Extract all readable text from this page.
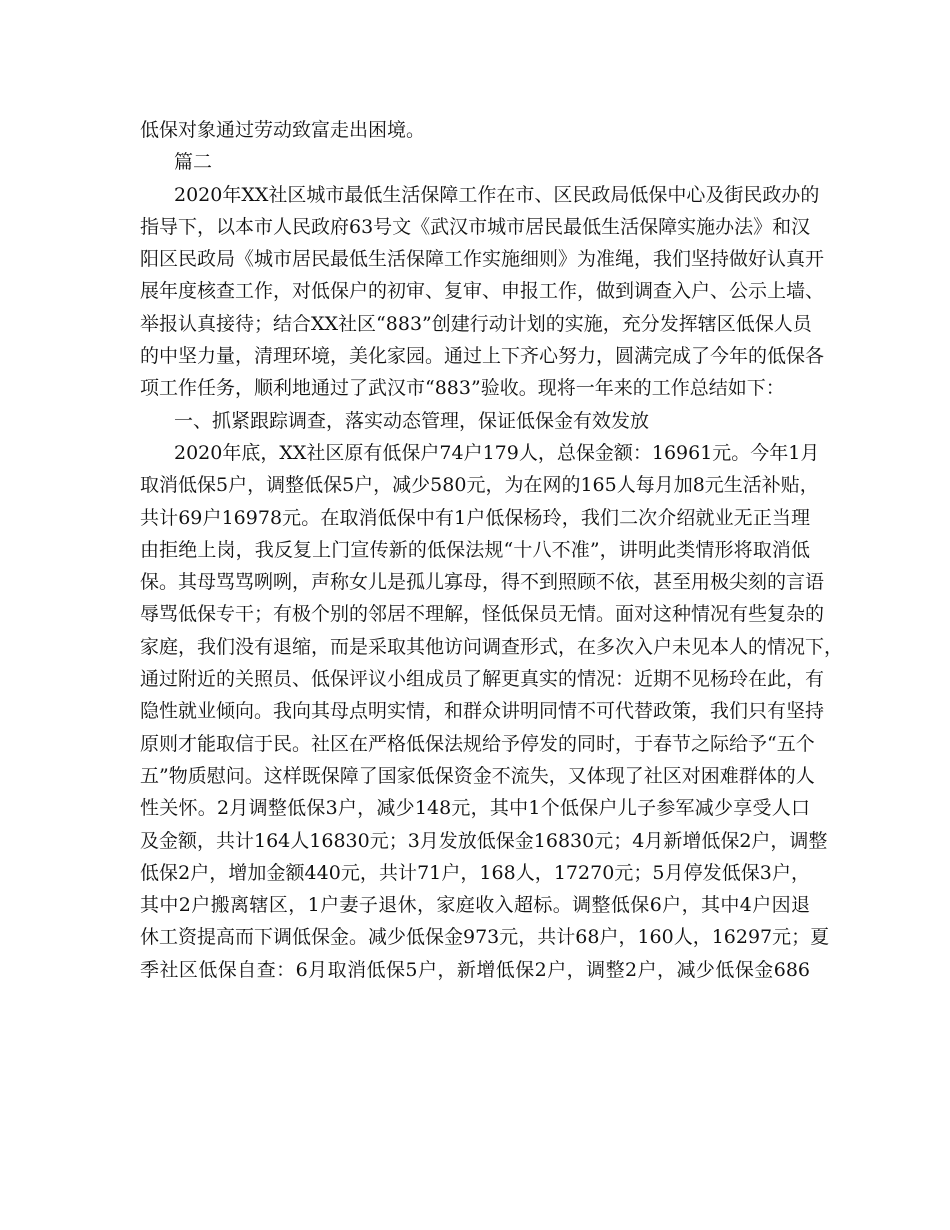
低保对象通过劳动致富走出困境。
篇二
2020年XX社区城市最低生活保障工作在市、区民政局低保中心及街民政办的
指导下，以本市人民政府63号文《武汉市城市居民最低生活保障实施办法》和汉
阳区民政局《城市居民最低生活保障工作实施细则》为准绳，我们坚持做好认真开
展年度核查工作，对低保户的初审、复审、申报工作，做到调查入户、公示上墙、
举报认真接待；结合XX社区“883”创建行动计划的实施，充分发挥辖区低保人员
的中坚力量，清理环境，美化家园。通过上下齐心努力，圆满完成了今年的低保各
项工作任务，顺利地通过了武汉市“883”验收。现将一年来的工作总结如下：
一、抓紧跟踪调查，落实动态管理，保证低保金有效发放
2020年底，XX社区原有低保户74户179人，总保金额：16961元。今年1月
取消低保5户，调整低保5户，减少580元，为在网的165人每月加8元生活补贴，
共计69户16978元。在取消低保中有1户低保杨玲，我们二次介绍就业无正当理
由拒绝上岗，我反复上门宣传新的低保法规“十八不准”，讲明此类情形将取消低
保。其母骂骂咧咧，声称女儿是孤儿寡母，得不到照顾不依，甚至用极尖刻的言语
辱骂低保专干；有极个别的邻居不理解，怪低保员无情。面对这种情况有些复杂的
家庭，我们没有退缩，而是采取其他访问调查形式，在多次入户未见本人的情况下，
通过附近的关照员、低保评议小组成员了解更真实的情况：近期不见杨玲在此，有
隐性就业倾向。我向其母点明实情，和群众讲明同情不可代替政策，我们只有坚持
原则才能取信于民。社区在严格低保法规给予停发的同时，于春节之际给予“五个
五”物质慰问。这样既保障了国家低保资金不流失，又体现了社区对困难群体的人
性关怀。2月调整低保3户，减少148元，其中1个低保户儿子参军减少享受人口
及金额，共计164人16830元；3月发放低保金16830元；4月新增低保2户，调整
低保2户，增加金额440元，共计71户，168人，17270元；5月停发低保3户，
其中2户搬离辖区，1户妻子退休，家庭收入超标。调整低保6户，其中4户因退
休工资提高而下调低保金。减少低保金973元，共计68户，160人，16297元；夏
季社区低保自查：6月取消低保5户，新增低保2户，调整2户，减少低保金686
